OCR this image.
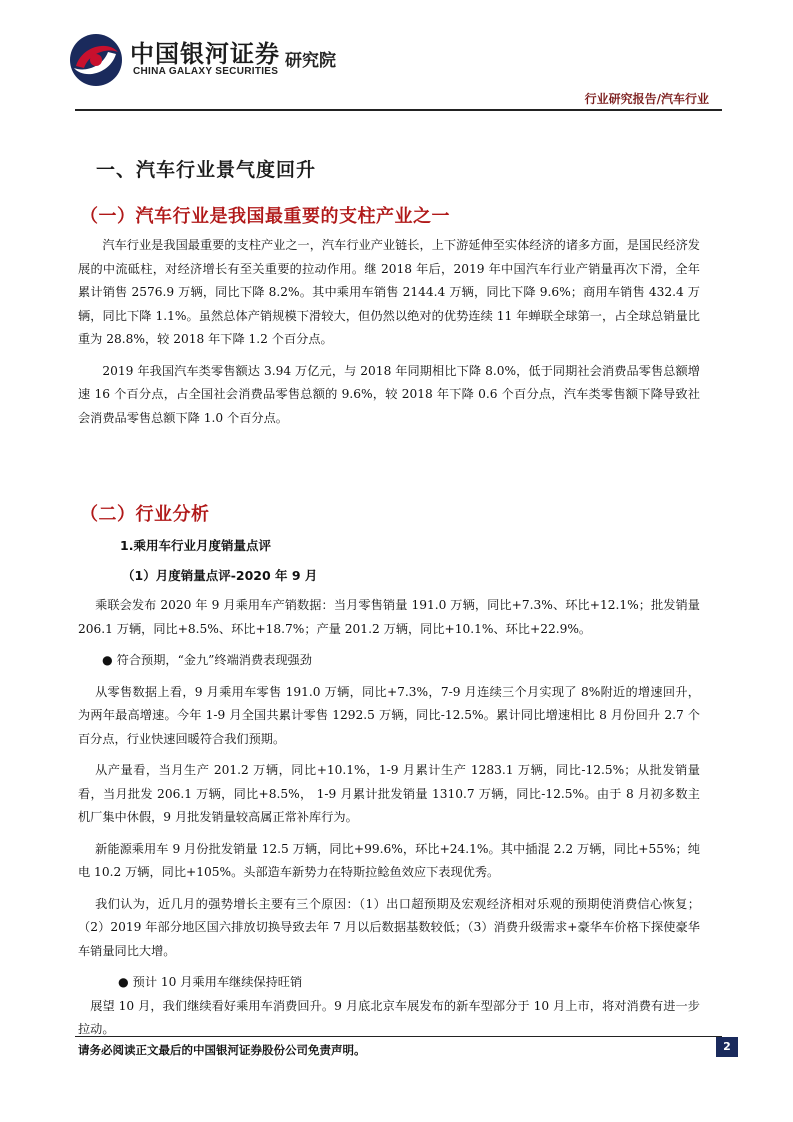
中国银河证券
CHINA GALAXY SECURITIES
研究院
行业研究报告/汽车行业
一、汽车行业景气度回升
（一）汽车行业是我国最重要的支柱产业之一

汽车行业是我国最重要的支柱产业之一，汽车行业产业链长，上下游延伸至实体经济的诸多方面，是国民经济发展的中流砥柱，对经济增长有至关重要的拉动作用。继 2018 年后，2019 年中国汽车行业产销量再次下滑，全年累计销售 2576.9 万辆，同比下降 8.2%。其中乘用车销售 2144.4 万辆，同比下降 9.6%；商用车销售 432.4 万辆，同比下降 1.1%。虽然总体产销规模下滑较大，但仍然以绝对的优势连续 11 年蝉联全球第一，占全球总销量比重为 28.8%，较 2018 年下降 1.2 个百分点。

2019 年我国汽车类零售额达 3.94 万亿元，与 2018 年同期相比下降 8.0%，低于同期社会消费品零售总额增速 16 个百分点，占全国社会消费品零售总额的 9.6%，较 2018 年下降 0.6 个百分点，汽车类零售额下降导致社会消费品零售总额下降 1.0 个百分点。

（二）行业分析
1.乘用车行业月度销量点评
（1）月度销量点评-2020 年 9 月

乘联会发布 2020 年 9 月乘用车产销数据：当月零售销量 191.0 万辆，同比+7.3%、环比+12.1%；批发销量 206.1 万辆，同比+8.5%、环比+18.7%；产量 201.2 万辆，同比+10.1%、环比+22.9%。

● 符合预期，“金九”终端消费表现强劲

从零售数据上看，9 月乘用车零售 191.0 万辆，同比+7.3%，7-9 月连续三个月实现了 8%附近的增速回升，为两年最高增速。今年 1-9 月全国共累计零售 1292.5 万辆，同比-12.5%。累计同比增速相比 8 月份回升 2.7 个百分点，行业快速回暖符合我们预期。

从产量看，当月生产 201.2 万辆，同比+10.1%，1-9 月累计生产 1283.1 万辆，同比-12.5%；从批发销量看，当月批发 206.1 万辆，同比+8.5%， 1-9 月累计批发销量 1310.7 万辆，同比-12.5%。由于 8 月初多数主机厂集中休假，9 月批发销量较高属正常补库行为。

新能源乘用车 9 月份批发销量 12.5 万辆，同比+99.6%，环比+24.1%。其中插混 2.2 万辆，同比+55%；纯电 10.2 万辆，同比+105%。头部造车新势力在特斯拉鲶鱼效应下表现优秀。

我们认为，近几月的强势增长主要有三个原因：（1）出口超预期及宏观经济相对乐观的预期使消费信心恢复；（2）2019 年部分地区国六排放切换导致去年 7 月以后数据基数较低；（3）消费升级需求+豪华车价格下探使豪华车销量同比大增。

● 预计 10 月乘用车继续保持旺销

展望 10 月，我们继续看好乘用车消费回升。9 月底北京车展发布的新车型部分于 10 月上市，将对消费有进一步拉动。

请务必阅读正文最后的中国银河证券股份公司免责声明。	2
